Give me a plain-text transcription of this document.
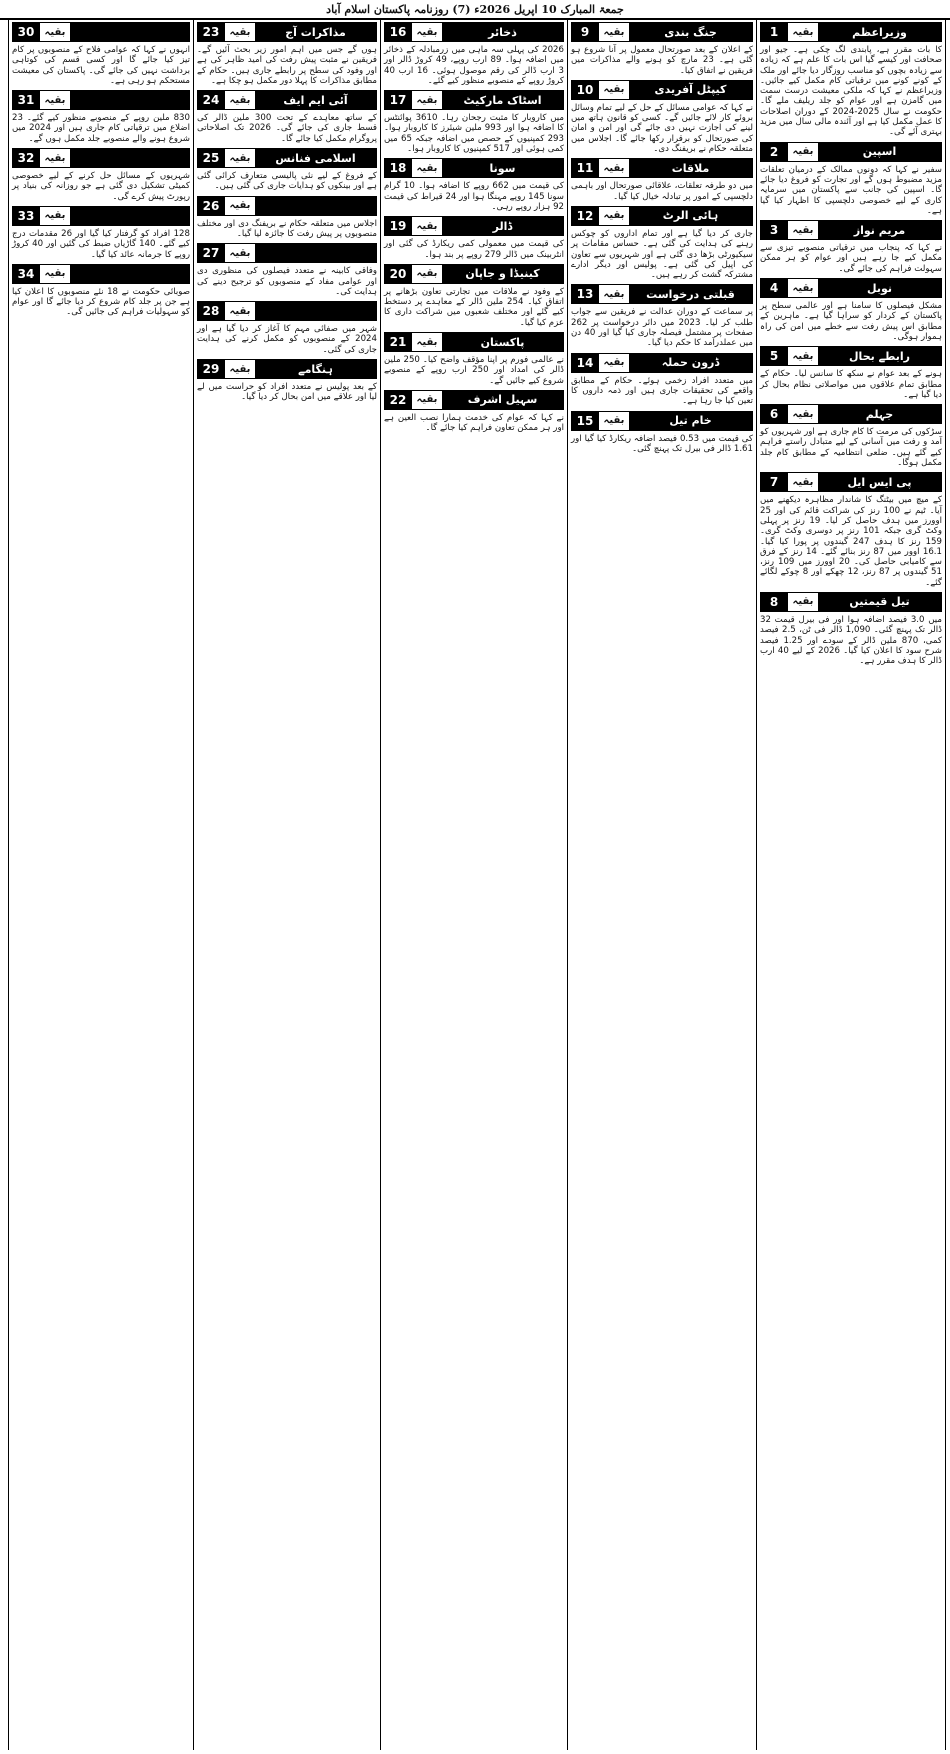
جمعۃ المبارک 10 اپریل 2026ء (7) روزنامہ پاکستان اسلام آباد
1	بقیہ	وزیراعظم
کا بات مقرر ہے، پابندی لگ چکی ہے۔ جیو اور صحافت اور کیسے گیا اس بات کا علم ہے کہ زیادہ سے زیادہ بچوں کو مناسب روزگار دیا جائے اور ملک کے کونے کونے میں ترقیاتی کام مکمل کیے جائیں۔ وزیراعظم نے کہا کہ ملکی معیشت درست سمت میں گامزن ہے اور عوام کو جلد ریلیف ملے گا۔ حکومت نے سال 2025-2024 کے دوران اصلاحات کا عمل مکمل کیا ہے اور آئندہ مالی سال میں مزید بہتری آئے گی۔
2	بقیہ	اسپین
سفیر نے کہا کہ دونوں ممالک کے درمیان تعلقات مزید مضبوط ہوں گے اور تجارت کو فروغ دیا جائے گا۔ اسپین کی جانب سے پاکستان میں سرمایہ کاری کے لیے خصوصی دلچسپی کا اظہار کیا گیا ہے۔
3	بقیہ	مریم نواز
نے کہا کہ پنجاب میں ترقیاتی منصوبے تیزی سے مکمل کیے جا رہے ہیں اور عوام کو ہر ممکن سہولت فراہم کی جائے گی۔
4	بقیہ	نوبل
مشکل فیصلوں کا سامنا ہے اور عالمی سطح پر پاکستان کے کردار کو سراہا گیا ہے۔ ماہرین کے مطابق اس پیش رفت سے خطے میں امن کی راہ ہموار ہوگی۔
5	بقیہ	رابطے بحال
ہونے کے بعد عوام نے سکھ کا سانس لیا۔ حکام کے مطابق تمام علاقوں میں مواصلاتی نظام بحال کر دیا گیا ہے۔
6	بقیہ	جہلم
سڑکوں کی مرمت کا کام جاری ہے اور شہریوں کو آمد و رفت میں آسانی کے لیے متبادل راستے فراہم کیے گئے ہیں۔ ضلعی انتظامیہ کے مطابق کام جلد مکمل ہوگا۔
7	بقیہ	پی ایس ایل
کے میچ میں بیٹنگ کا شاندار مظاہرہ دیکھنے میں آیا۔ ٹیم نے 100 رنز کی شراکت قائم کی اور 25 اوورز میں ہدف حاصل کر لیا۔ 19 رنز پر پہلی وکٹ گری جبکہ 101 رنز پر دوسری وکٹ گری۔ 159 رنز کا ہدف 247 گیندوں پر پورا کیا گیا۔ 16.1 اوور میں 87 رنز بنائے گئے۔ 14 رنز کے فرق سے کامیابی حاصل کی۔ 20 اوورز میں 109 رنز، 51 گیندوں پر 87 رنز، 12 چھکے اور 8 چوکے لگائے گئے۔
8	بقیہ	تیل قیمتیں
میں 3.0 فیصد اضافہ ہوا اور فی بیرل قیمت 32 ڈالر تک پہنچ گئی۔ 1,090 ڈالر فی ٹن، 2.5 فیصد کمی، 870 ملین ڈالر کے سودے اور 1.25 فیصد شرح سود کا اعلان کیا گیا۔ 2026 کے لیے 40 ارب ڈالر کا ہدف مقرر ہے۔
9	بقیہ	جنگ بندی
کے اعلان کے بعد صورتحال معمول پر آنا شروع ہو گئی ہے۔ 23 مارچ کو ہونے والے مذاکرات میں فریقین نے اتفاق کیا۔
10	بقیہ	کیپٹل آفریدی
نے کہا کہ عوامی مسائل کے حل کے لیے تمام وسائل بروئے کار لائے جائیں گے۔ کسی کو قانون ہاتھ میں لینے کی اجازت نہیں دی جائے گی اور امن و امان کی صورتحال کو برقرار رکھا جائے گا۔ اجلاس میں متعلقہ حکام نے بریفنگ دی۔
11	بقیہ	ملاقات
میں دو طرفہ تعلقات، علاقائی صورتحال اور باہمی دلچسپی کے امور پر تبادلہ خیال کیا گیا۔
12	بقیہ	ہائی الرٹ
جاری کر دیا گیا ہے اور تمام اداروں کو چوکس رہنے کی ہدایت کی گئی ہے۔ حساس مقامات پر سیکیورٹی بڑھا دی گئی ہے اور شہریوں سے تعاون کی اپیل کی گئی ہے۔ پولیس اور دیگر ادارے مشترکہ گشت کر رہے ہیں۔
13	بقیہ	قبلتی درخواست
پر سماعت کے دوران عدالت نے فریقین سے جواب طلب کر لیا۔ 2023 میں دائر درخواست پر 262 صفحات پر مشتمل فیصلہ جاری کیا گیا اور 40 دن میں عملدرآمد کا حکم دیا گیا۔
14	بقیہ	ڈرون حملہ
میں متعدد افراد زخمی ہوئے۔ حکام کے مطابق واقعے کی تحقیقات جاری ہیں اور ذمہ داروں کا تعین کیا جا رہا ہے۔
15	بقیہ	خام تیل
کی قیمت میں 0.53 فیصد اضافہ ریکارڈ کیا گیا اور 1.61 ڈالر فی بیرل تک پہنچ گئی۔
16	بقیہ	ذخائر
2026 کی پہلی سہ ماہی میں زرمبادلہ کے ذخائر میں اضافہ ہوا۔ 89 ارب روپے، 49 کروڑ ڈالر اور 3 ارب ڈالر کی رقم موصول ہوئی۔ 16 ارب 40 کروڑ روپے کے منصوبے منظور کیے گئے۔
17	بقیہ	اسٹاک مارکیٹ
میں کاروبار کا مثبت رجحان رہا۔ 3610 پوائنٹس کا اضافہ ہوا اور 993 ملین شیئرز کا کاروبار ہوا۔ 293 کمپنیوں کے حصص میں اضافہ جبکہ 65 میں کمی ہوئی اور 517 کمپنیوں کا کاروبار ہوا۔
18	بقیہ	سونا
کی قیمت میں 662 روپے کا اضافہ ہوا۔ 10 گرام سونا 145 روپے مہنگا ہوا اور 24 قیراط کی قیمت 92 ہزار روپے رہی۔
19	بقیہ	ڈالر
کی قیمت میں معمولی کمی ریکارڈ کی گئی اور انٹربینک میں ڈالر 279 روپے پر بند ہوا۔
20	بقیہ	کینیڈا و جاپان
کے وفود نے ملاقات میں تجارتی تعاون بڑھانے پر اتفاق کیا۔ 254 ملین ڈالر کے معاہدے پر دستخط کیے گئے اور مختلف شعبوں میں شراکت داری کا عزم کیا گیا۔
21	بقیہ	پاکستان
نے عالمی فورم پر اپنا مؤقف واضح کیا۔ 250 ملین ڈالر کی امداد اور 250 ارب روپے کے منصوبے شروع کیے جائیں گے۔
22	بقیہ	سہیل اشرف
نے کہا کہ عوام کی خدمت ہمارا نصب العین ہے اور ہر ممکن تعاون فراہم کیا جائے گا۔
23	بقیہ	مذاکرات آج
ہوں گے جس میں اہم امور زیر بحث آئیں گے۔ فریقین نے مثبت پیش رفت کی امید ظاہر کی ہے اور وفود کی سطح پر رابطے جاری ہیں۔ حکام کے مطابق مذاکرات کا پہلا دور مکمل ہو چکا ہے۔
24	بقیہ	آئی ایم ایف
کے ساتھ معاہدے کے تحت 300 ملین ڈالر کی قسط جاری کی جائے گی۔ 2026 تک اصلاحاتی پروگرام مکمل کیا جائے گا۔
25	بقیہ	اسلامی فنانس
کے فروغ کے لیے نئی پالیسی متعارف کرائی گئی ہے اور بینکوں کو ہدایات جاری کی گئی ہیں۔
26	بقیہ
اجلاس میں متعلقہ حکام نے بریفنگ دی اور مختلف منصوبوں پر پیش رفت کا جائزہ لیا گیا۔
27	بقیہ
وفاقی کابینہ نے متعدد فیصلوں کی منظوری دی اور عوامی مفاد کے منصوبوں کو ترجیح دینے کی ہدایت کی۔
28	بقیہ
شہر میں صفائی مہم کا آغاز کر دیا گیا ہے اور 2024 کے منصوبوں کو مکمل کرنے کی ہدایت جاری کی گئی۔
29	بقیہ	ہنگامے
کے بعد پولیس نے متعدد افراد کو حراست میں لے لیا اور علاقے میں امن بحال کر دیا گیا۔
30	بقیہ
انہوں نے کہا کہ عوامی فلاح کے منصوبوں پر کام تیز کیا جائے گا اور کسی قسم کی کوتاہی برداشت نہیں کی جائے گی۔ پاکستان کی معیشت مستحکم ہو رہی ہے۔
31	بقیہ
830 ملین روپے کے منصوبے منظور کیے گئے۔ 23 اضلاع میں ترقیاتی کام جاری ہیں اور 2024 میں شروع ہونے والے منصوبے جلد مکمل ہوں گے۔
32	بقیہ
شہریوں کے مسائل حل کرنے کے لیے خصوصی کمیٹی تشکیل دی گئی ہے جو روزانہ کی بنیاد پر رپورٹ پیش کرے گی۔
33	بقیہ
128 افراد کو گرفتار کیا گیا اور 26 مقدمات درج کیے گئے۔ 140 گاڑیاں ضبط کی گئیں اور 40 کروڑ روپے کا جرمانہ عائد کیا گیا۔
34	بقیہ
صوبائی حکومت نے 18 نئے منصوبوں کا اعلان کیا ہے جن پر جلد کام شروع کر دیا جائے گا اور عوام کو سہولیات فراہم کی جائیں گی۔
